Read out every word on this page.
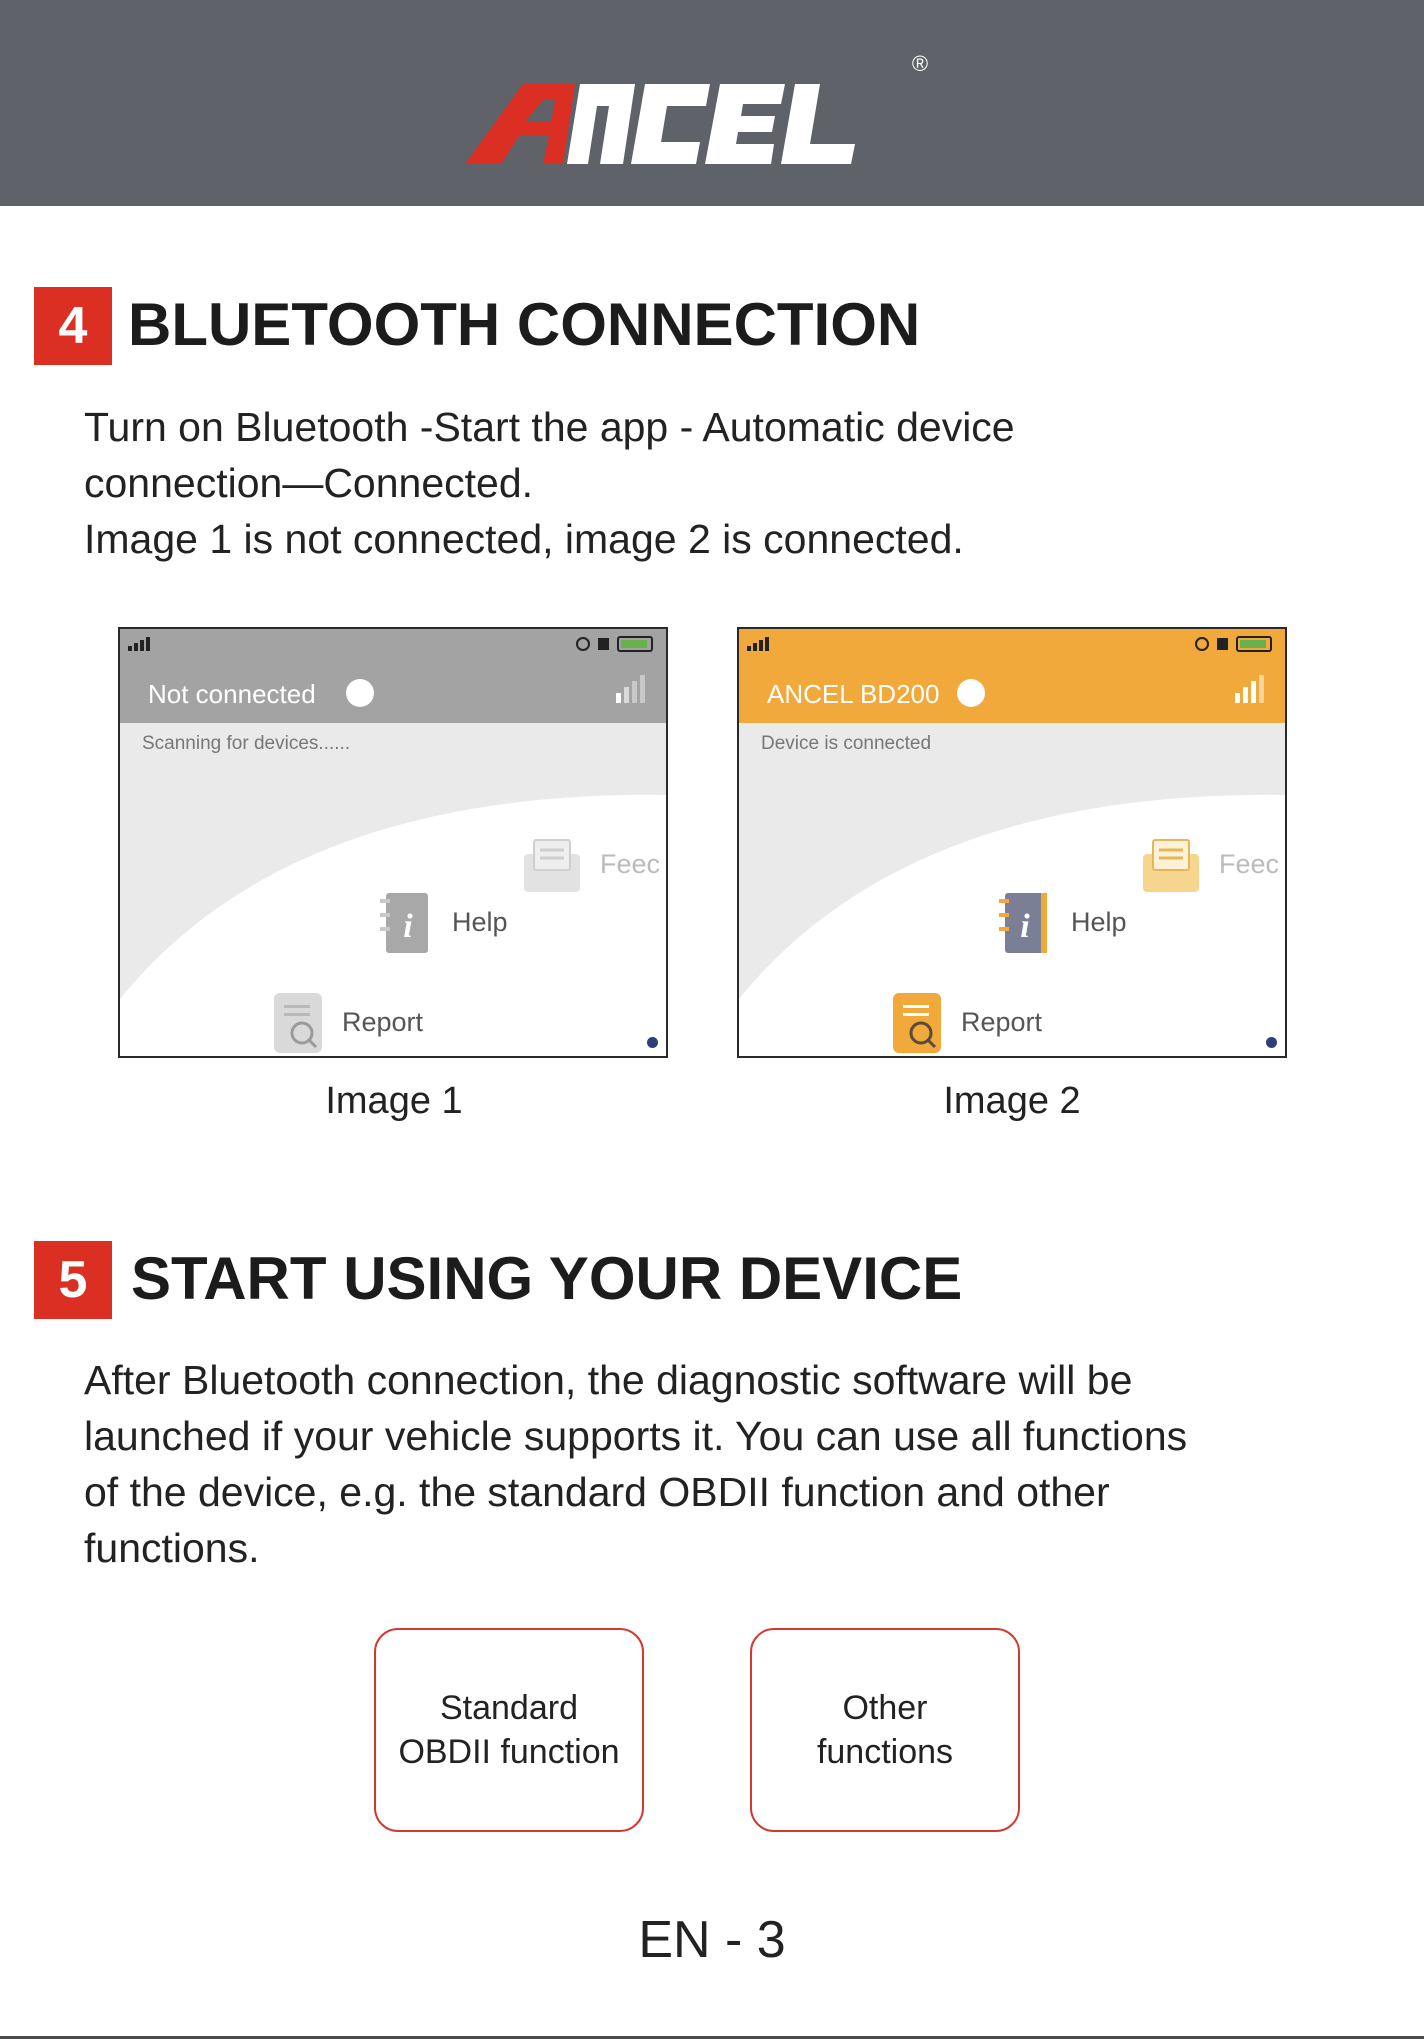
®
4 BLUETOOTH CONNECTION
Turn on Bluetooth -Start the app - Automatic device
connection—Connected.
Image 1 is not connected, image 2 is connected.
Not connected
Scanning for devices......
Feec
i Help
Report
Image 1
ANCEL BD200
Device is connected
Feec
i Help
Report
Image 2
5 START USING YOUR DEVICE
After Bluetooth connection, the diagnostic software will be
launched if your vehicle supports it. You can use all functions
of the device, e.g. the standard OBDII function and other
functions.
Standard
OBDII function
Other
functions
EN - 3
